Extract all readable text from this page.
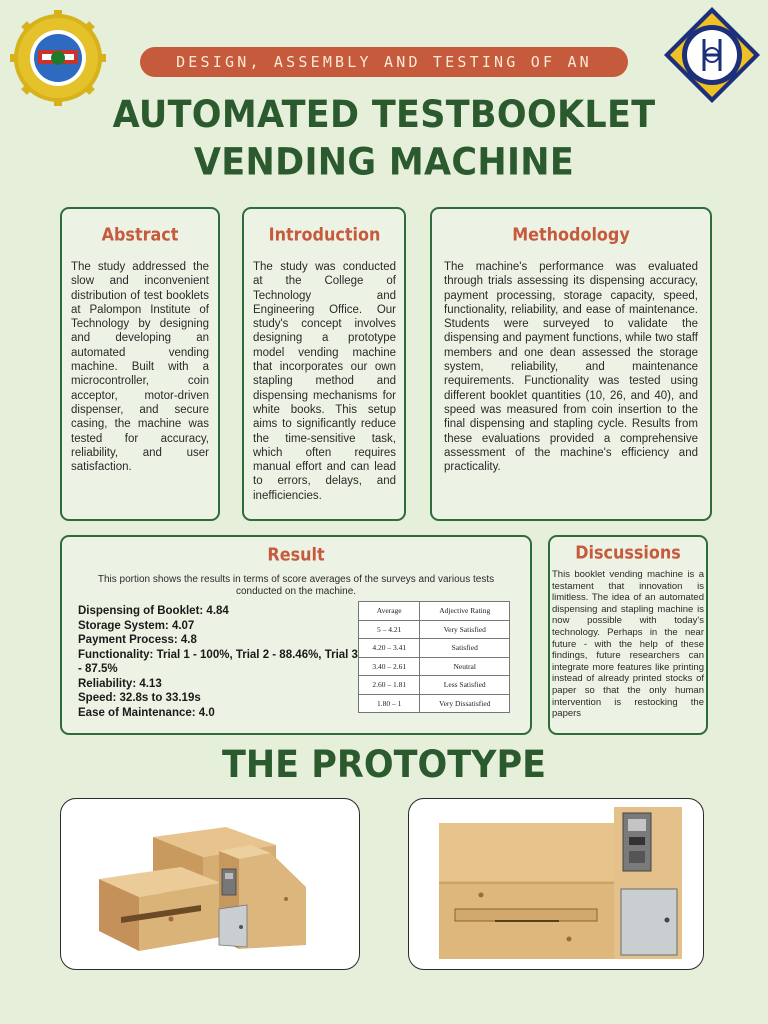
DESIGN, ASSEMBLY AND TESTING OF AN
AUTOMATED TESTBOOKLET VENDING MACHINE
Abstract

The study addressed the slow and inconvenient distribution of test booklets at Palompon Institute of Technology by designing and developing an automated vending machine. Built with a microcontroller, coin acceptor, motor-driven dispenser, and secure casing, the machine was tested for accuracy, reliability, and user satisfaction.

Introduction

The study was conducted at the College of Technology and Engineering Office. Our study's concept involves designing a prototype model vending machine that incorporates our own stapling method and dispensing mechanisms for white books. This setup aims to significantly reduce the time-sensitive task, which often requires manual effort and can lead to errors, delays, and inefficiencies.

Methodology

The machine's performance was evaluated through trials assessing its dispensing accuracy, payment processing, storage capacity, speed, functionality, reliability, and ease of maintenance. Students were surveyed to validate the dispensing and payment functions, while two staff members and one dean assessed the storage system, reliability, and maintenance requirements. Functionality was tested using different booklet quantities (10, 26, and 40), and speed was measured from coin insertion to the final dispensing and stapling cycle. Results from these evaluations provided a comprehensive assessment of the machine's efficiency and practicality.

Result

This portion shows the results in terms of score averages of the surveys and various tests conducted on the machine.

Dispensing of Booklet: 4.84
Storage System: 4.07
Payment Process: 4.8
Functionality: Trial 1 - 100%, Trial 2 - 88.46%, Trial 3 - 87.5%
Reliability: 4.13
Speed: 32.8s to 33.19s
Ease of Maintenance: 4.0
Average	Adjective Rating
5 – 4.21	Very Satisfied
4.20 – 3.41	Satisfied
3.40 – 2.61	Neutral
2.60 – 1.81	Less Satisfied
1.80 – 1	Very Dissatisfied
Discussions

This booklet vending machine is a testament that innovation is limitless. The idea of an automated dispensing and stapling machine is now possible with today's technology. Perhaps in the near future - with the help of these findings, future researchers can integrate more features like printing instead of already printed stocks of paper so that the only human intervention is restocking the papers

THE PROTOTYPE
